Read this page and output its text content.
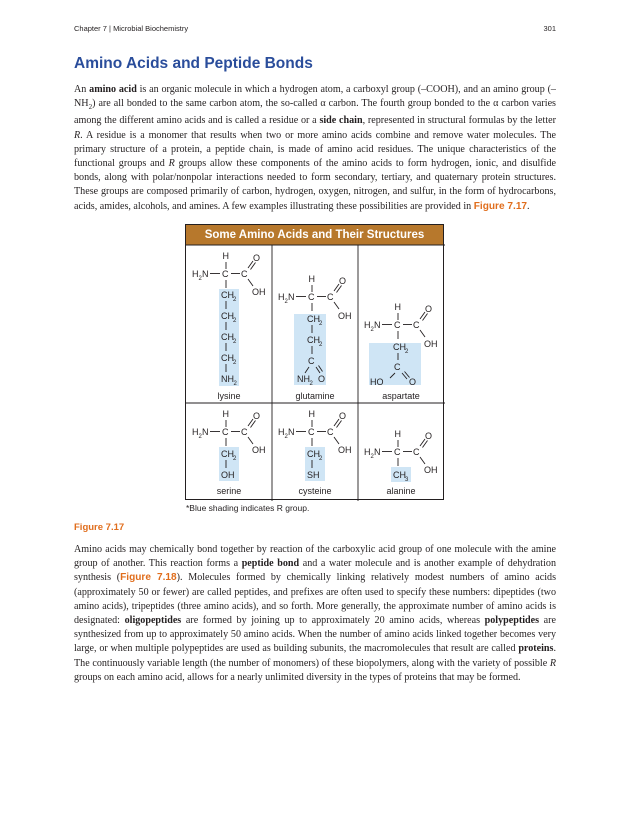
Chapter 7 | Microbial Biochemistry	301
Amino Acids and Peptide Bonds

An amino acid is an organic molecule in which a hydrogen atom, a carboxyl group (–COOH), and an amino group $(-NH_2)$ are all bonded to the same carbon atom, the so-called α carbon. The fourth group bonded to the α carbon varies among the different amino acids and is called a residue or a side chain, represented in structural formulas by the letter R. A residue is a monomer that results when two or more amino acids combine and remove water molecules. The primary structure of a protein, a peptide chain, is made of amino acid residues. The unique characteristics of the functional groups and R groups allow these components of the amino acids to form hydrogen, ionic, and disulfide bonds, along with polar/nonpolar interactions needed to form secondary, tertiary, and quaternary protein structures. These groups are composed primarily of carbon, hydrogen, oxygen, nitrogen, and sulfur, in the form of hydrocarbons, acids, amides, alcohols, and amines. A few examples illustrating these possibilities are provided in Figure 7.17.

Some Amino Acids and Their Structures
H
H 2 N C C
O
OH
CH 2
CH 2
CH 2
CH 2
NH 2
lysine
H
H 2 N C C
O
OH
CH 2
CH 2
C
NH 2 O
glutamine
H
H 2 N C C
O
OH
CH 2
C
HO	O
aspartate
H
H 2 N C C
O
OH
CH 2
OH
serine
H
H 2 N C C
O
OH
CH 2
SH
cysteine
H
H 2 N C C
O
OH
CH 3
alanine
*Blue shading indicates R group.
Figure 7.17

Amino acids may chemically bond together by reaction of the carboxylic acid group of one molecule with the amine group of another. This reaction forms a peptide bond and a water molecule and is another example of dehydration synthesis (Figure 7.18). Molecules formed by chemically linking relatively modest numbers of amino acids (approximately 50 or fewer) are called peptides, and prefixes are often used to specify these numbers: dipeptides (two amino acids), tripeptides (three amino acids), and so forth. More generally, the approximate number of amino acids is designated: oligopeptides are formed by joining up to approximately 20 amino acids, whereas polypeptides are synthesized from up to approximately 50 amino acids. When the number of amino acids linked together becomes very large, or when multiple polypeptides are used as building subunits, the macromolecules that result are called proteins. The continuously variable length (the number of monomers) of these biopolymers, along with the variety of possible R groups on each amino acid, allows for a nearly unlimited diversity in the types of proteins that may be formed.
